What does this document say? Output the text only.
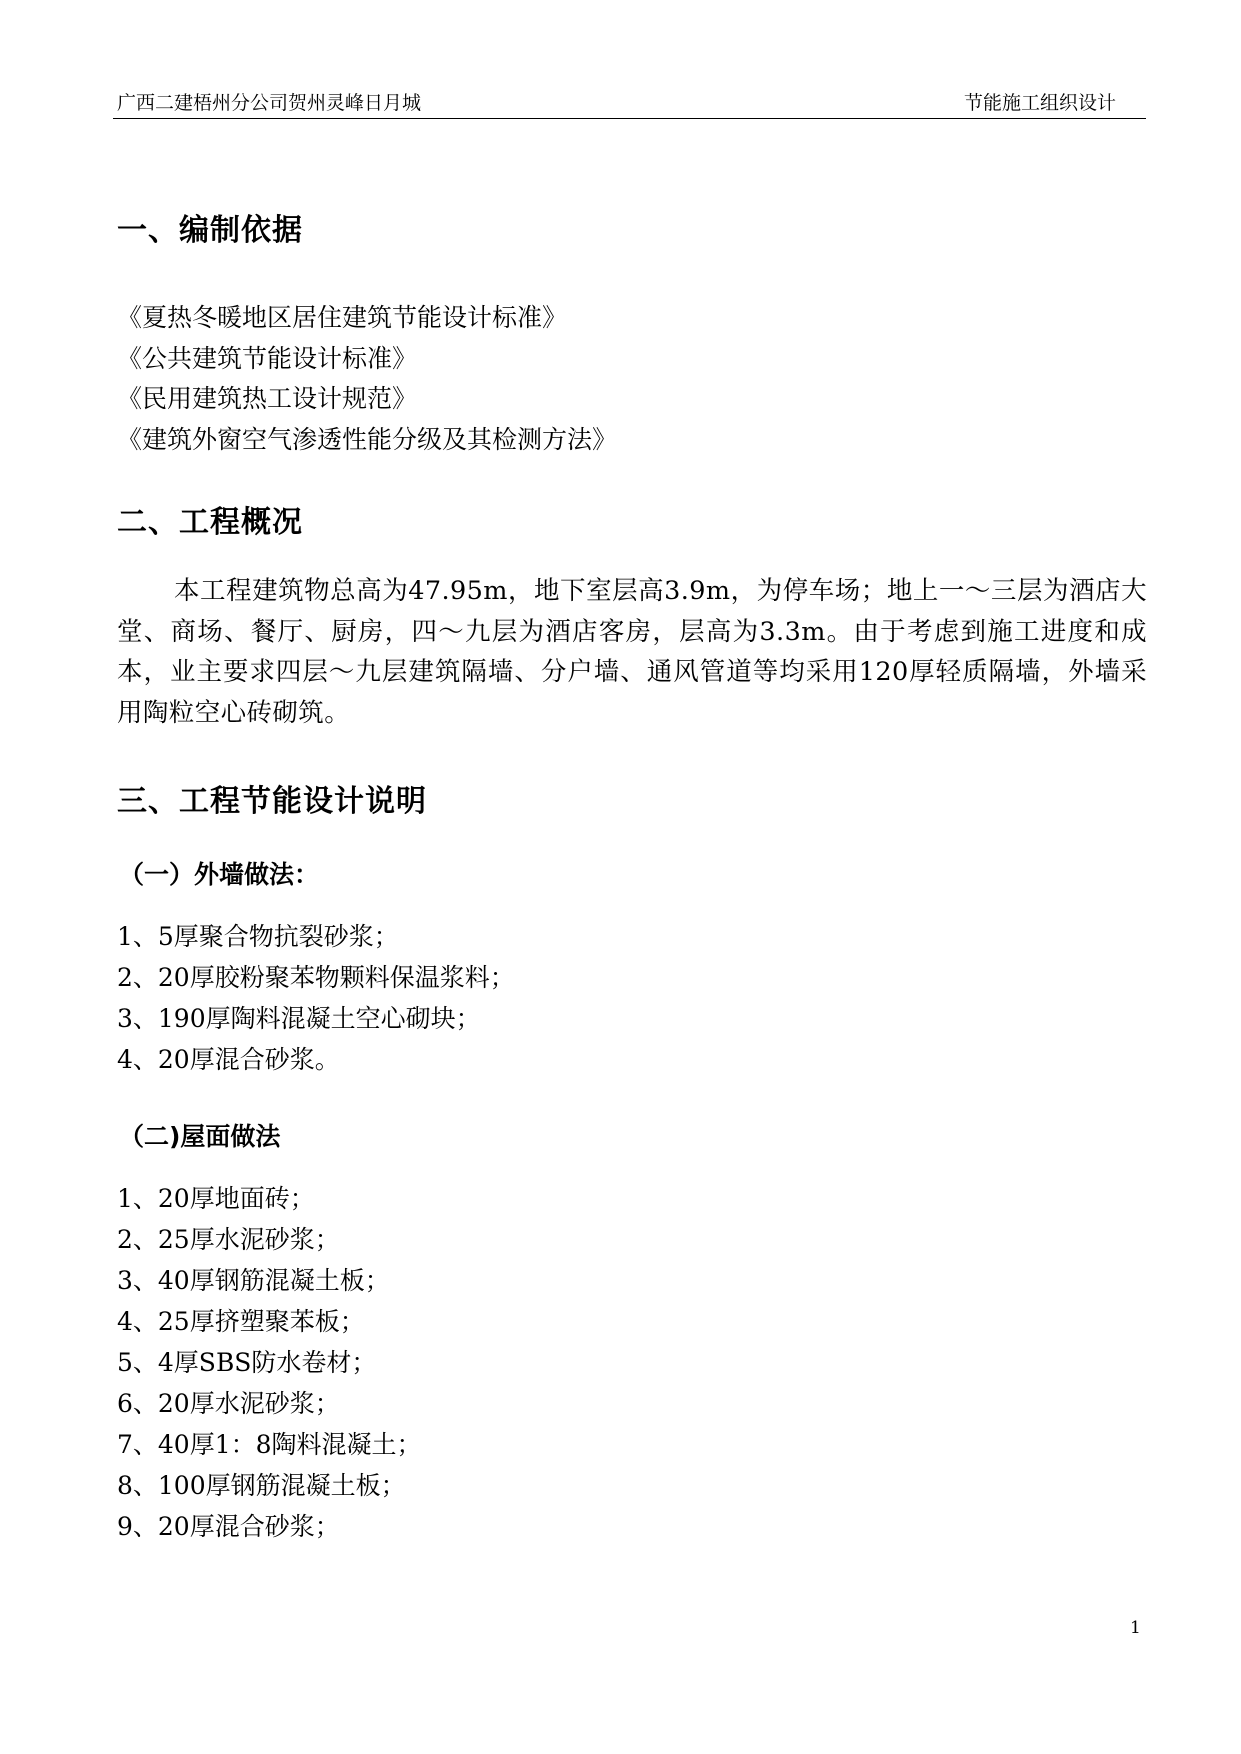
广西二建梧州分公司贺州灵峰日月城	节能施工组织设计
一、编制依据

《夏热冬暖地区居住建筑节能设计标准》

《公共建筑节能设计标准》

《民用建筑热工设计规范》

《建筑外窗空气渗透性能分级及其检测方法》

二、工程概况

本工程建筑物总高为47.95m，地下室层高3.9m，为停车场；地上一～三层为酒店大堂、商场、餐厅、厨房，四～九层为酒店客房，层高为3.3m。由于考虑到施工进度和成本，业主要求四层～九层建筑隔墙、分户墙、通风管道等均采用120厚轻质隔墙，外墙采用陶粒空心砖砌筑。

三、工程节能设计说明
（一）外墙做法：

1、5厚聚合物抗裂砂浆；

2、20厚胶粉聚苯物颗料保温浆料；

3、190厚陶料混凝土空心砌块；

4、20厚混合砂浆。

（二)屋面做法

1、20厚地面砖；

2、25厚水泥砂浆；

3、40厚钢筋混凝土板；

4、25厚挤塑聚苯板；

5、4厚SBS防水卷材；

6、20厚水泥砂浆；

7、40厚1：8陶料混凝土；

8、100厚钢筋混凝土板；

9、20厚混合砂浆；

1
